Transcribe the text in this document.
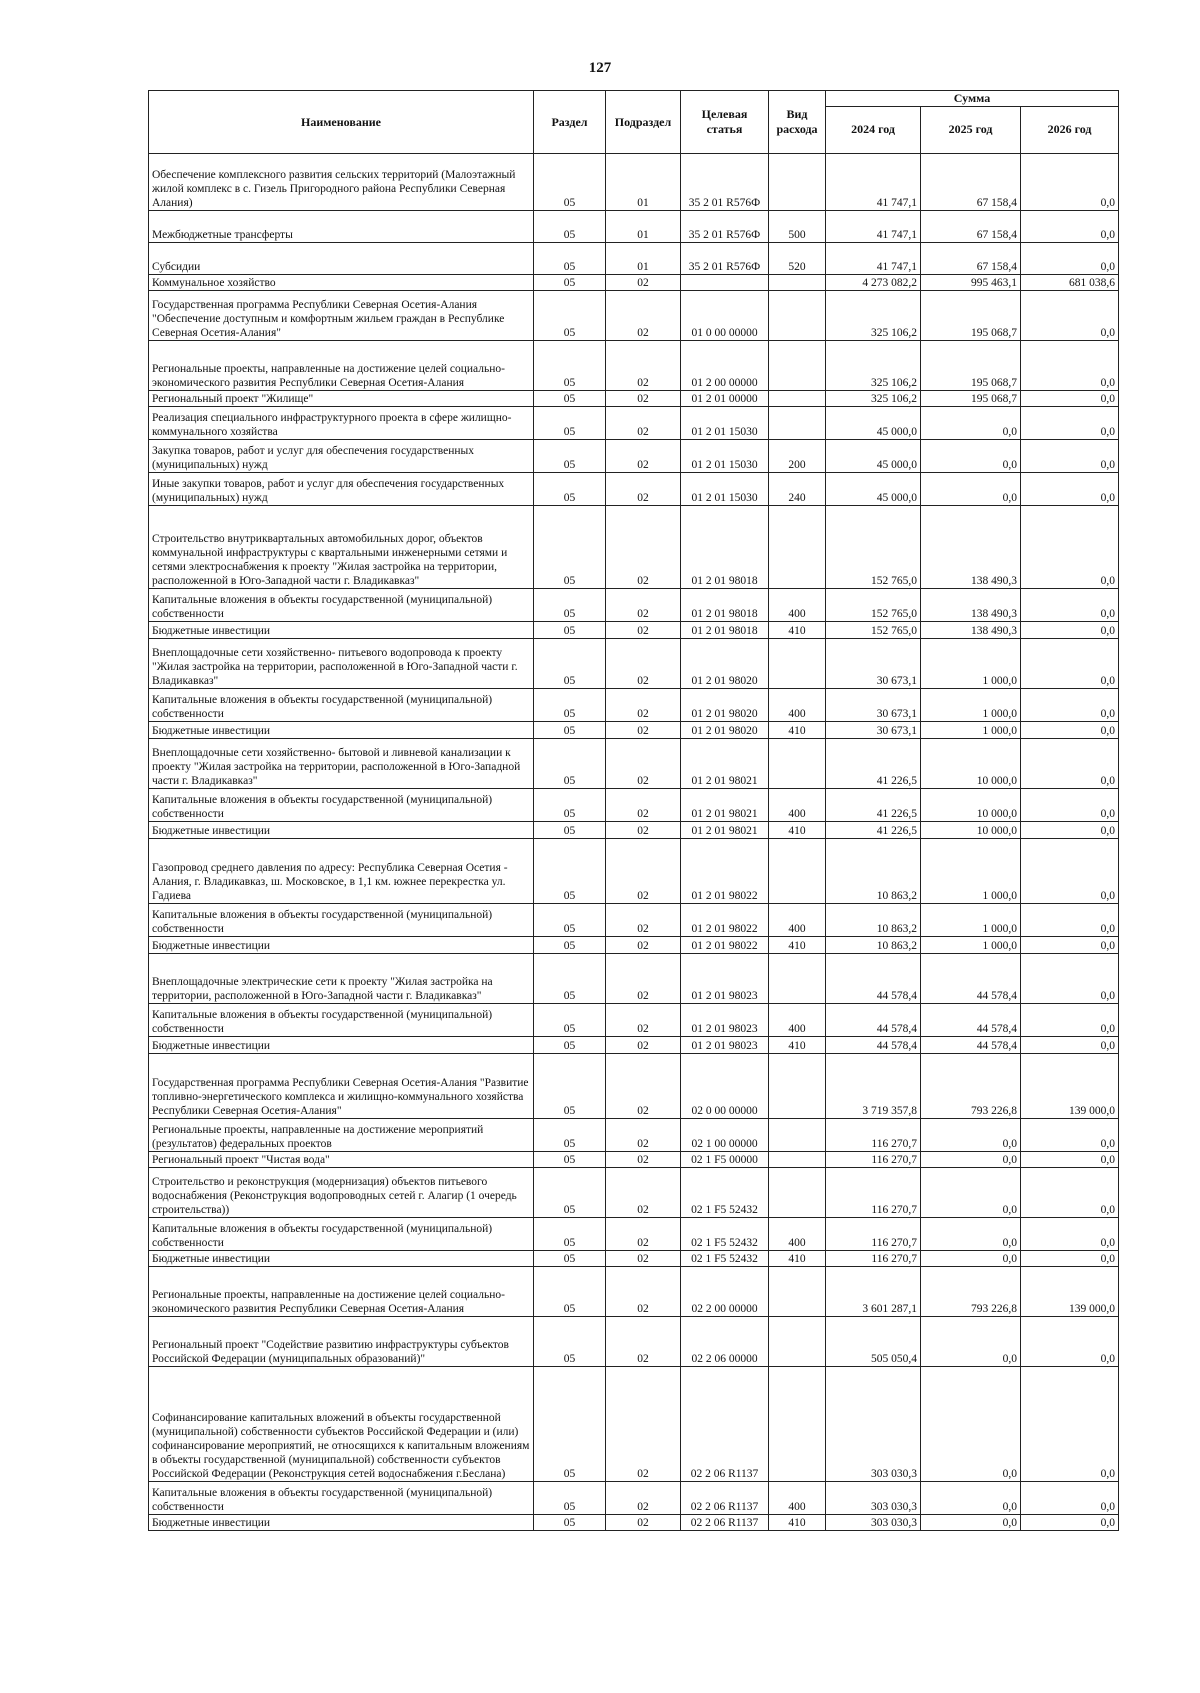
127
Наименование	Раздел	Подраздел	Целевая статья	Вид расхода	Сумма		
					2024 год	2025 год	2026 год
Обеспечение комплексного развития сельских территорий (Малоэтажный жилой комплекс в с. Гизель Пригородного района Республики Северная Алания)	05	01	35 2 01 R576Ф		41 747,1	67 158,4	0,0
Межбюджетные трансферты	05	01	35 2 01 R576Ф	500	41 747,1	67 158,4	0,0
Субсидии	05	01	35 2 01 R576Ф	520	41 747,1	67 158,4	0,0
Коммунальное хозяйство	05	02			4 273 082,2	995 463,1	681 038,6
Государственная программа Республики Северная Осетия-Алания "Обеспечение доступным и комфортным жильем граждан в Республике Северная Осетия-Алания"	05	02	01 0 00 00000		325 106,2	195 068,7	0,0
Региональные проекты, направленные на достижение целей социально-экономического развития Республики Северная Осетия-Алания	05	02	01 2 00 00000		325 106,2	195 068,7	0,0
Региональный проект "Жилище"	05	02	01 2 01 00000		325 106,2	195 068,7	0,0
Реализация специального инфраструктурного проекта в сфере жилищно-коммунального хозяйства	05	02	01 2 01 15030		45 000,0	0,0	0,0
Закупка товаров, работ и услуг для обеспечения государственных (муниципальных) нужд	05	02	01 2 01 15030	200	45 000,0	0,0	0,0
Иные закупки товаров, работ и услуг для обеспечения государственных (муниципальных) нужд	05	02	01 2 01 15030	240	45 000,0	0,0	0,0
Строительство внутриквартальных автомобильных дорог, объектов коммунальной инфраструктуры с квартальными инженерными сетями и сетями электроснабжения к проекту "Жилая застройка на территории, расположенной в Юго-Западной части г. Владикавказ"	05	02	01 2 01 98018		152 765,0	138 490,3	0,0
Капитальные вложения в объекты государственной (муниципальной) собственности	05	02	01 2 01 98018	400	152 765,0	138 490,3	0,0
Бюджетные инвестиции	05	02	01 2 01 98018	410	152 765,0	138 490,3	0,0
Внеплощадочные сети хозяйственно- питьевого водопровода к проекту "Жилая застройка на территории, расположенной в Юго-Западной части г. Владикавказ"	05	02	01 2 01 98020		30 673,1	1 000,0	0,0
Капитальные вложения в объекты государственной (муниципальной) собственности	05	02	01 2 01 98020	400	30 673,1	1 000,0	0,0
Бюджетные инвестиции	05	02	01 2 01 98020	410	30 673,1	1 000,0	0,0
Внеплощадочные сети хозяйственно- бытовой и ливневой канализации к проекту "Жилая застройка на территории, расположенной в Юго-Западной части г. Владикавказ"	05	02	01 2 01 98021		41 226,5	10 000,0	0,0
Капитальные вложения в объекты государственной (муниципальной) собственности	05	02	01 2 01 98021	400	41 226,5	10 000,0	0,0
Бюджетные инвестиции	05	02	01 2 01 98021	410	41 226,5	10 000,0	0,0
Газопровод среднего давления по адресу: Республика Северная Осетия - Алания, г. Владикавказ, ш. Московское, в 1,1 км. южнее перекрестка ул. Гадиева	05	02	01 2 01 98022		10 863,2	1 000,0	0,0
Капитальные вложения в объекты государственной (муниципальной) собственности	05	02	01 2 01 98022	400	10 863,2	1 000,0	0,0
Бюджетные инвестиции	05	02	01 2 01 98022	410	10 863,2	1 000,0	0,0
Внеплощадочные электрические сети к проекту "Жилая застройка на территории, расположенной в Юго-Западной части г. Владикавказ"	05	02	01 2 01 98023		44 578,4	44 578,4	0,0
Капитальные вложения в объекты государственной (муниципальной) собственности	05	02	01 2 01 98023	400	44 578,4	44 578,4	0,0
Бюджетные инвестиции	05	02	01 2 01 98023	410	44 578,4	44 578,4	0,0
Государственная программа Республики Северная Осетия-Алания "Развитие топливно-энергетического комплекса и жилищно-коммунального хозяйства Республики Северная Осетия-Алания"	05	02	02 0 00 00000		3 719 357,8	793 226,8	139 000,0
Региональные проекты, направленные на достижение мероприятий (результатов) федеральных проектов	05	02	02 1 00 00000		116 270,7	0,0	0,0
Региональный проект "Чистая вода"	05	02	02 1 F5 00000		116 270,7	0,0	0,0
Строительство и реконструкция (модернизация) объектов питьевого водоснабжения (Реконструкция водопроводных сетей г. Алагир (1 очередь строительства))	05	02	02 1 F5 52432		116 270,7	0,0	0,0
Капитальные вложения в объекты государственной (муниципальной) собственности	05	02	02 1 F5 52432	400	116 270,7	0,0	0,0
Бюджетные инвестиции	05	02	02 1 F5 52432	410	116 270,7	0,0	0,0
Региональные проекты, направленные на достижение целей социально-экономического развития Республики Северная Осетия-Алания	05	02	02 2 00 00000		3 601 287,1	793 226,8	139 000,0
Региональный проект "Содействие развитию инфраструктуры субъектов Российской Федерации (муниципальных образований)"	05	02	02 2 06 00000		505 050,4	0,0	0,0
Софинансирование капитальных вложений в объекты государственной (муниципальной) собственности субъектов Российской Федерации и (или) софинансирование мероприятий, не относящихся к капитальным вложениям в объекты государственной (муниципальной) собственности субъектов Российской Федерации (Реконструкция сетей водоснабжения г.Беслана)	05	02	02 2 06 R1137		303 030,3	0,0	0,0
Капитальные вложения в объекты государственной (муниципальной) собственности	05	02	02 2 06 R1137	400	303 030,3	0,0	0,0
Бюджетные инвестиции	05	02	02 2 06 R1137	410	303 030,3	0,0	0,0
